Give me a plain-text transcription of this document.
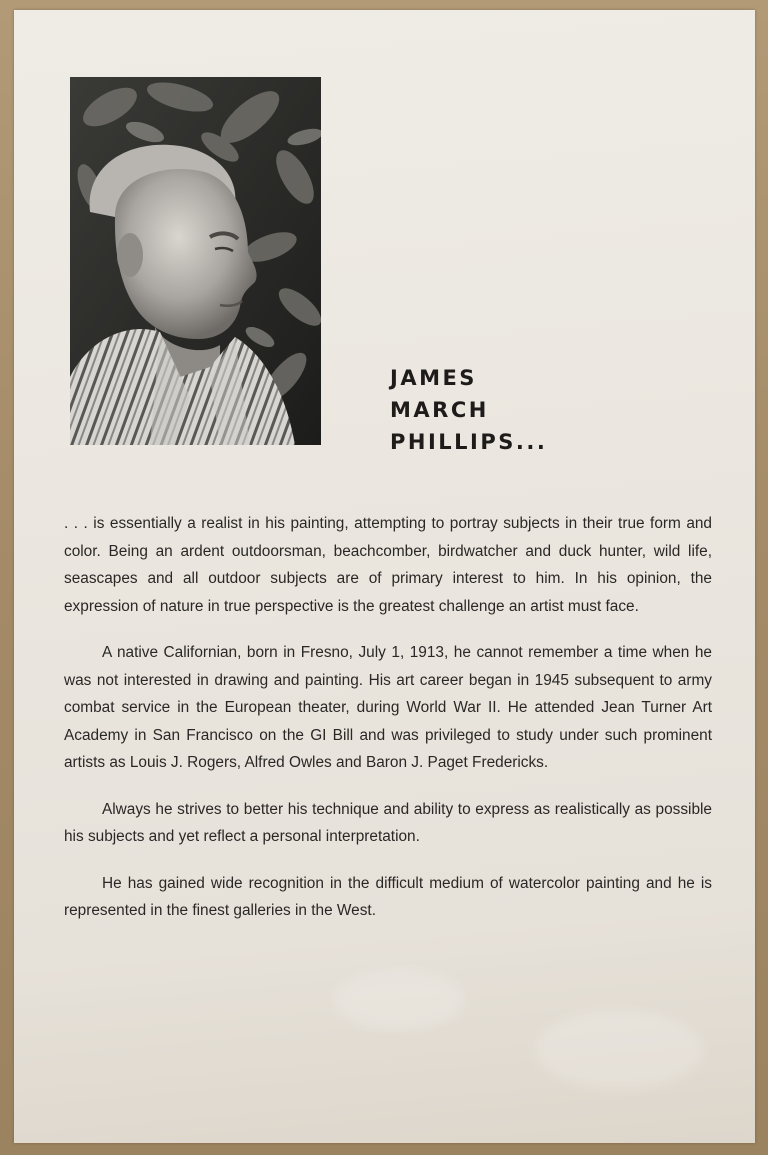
JAMES
MARCH
PHILLIPS...

. . . is essentially a realist in his painting, attempting to portray subjects in their true form and color. Being an ardent outdoorsman, beachcomber, birdwatcher and duck hunter, wild life, seascapes and all outdoor subjects are of primary interest to him. In his opinion, the expression of nature in true perspective is the greatest challenge an artist must face.

A native Californian, born in Fresno, July 1, 1913, he cannot remember a time when he was not interested in drawing and painting. His art career began in 1945 subsequent to army combat service in the European theater, during World War II. He attended Jean Turner Art Academy in San Francisco on the GI Bill and was privileged to study under such prominent artists as Louis J. Rogers, Alfred Owles and Baron J. Paget Fredericks.

Always he strives to better his technique and ability to express as realistically as possible his subjects and yet reflect a personal interpretation.

He has gained wide recognition in the difficult medium of watercolor painting and he is represented in the finest galleries in the West.
